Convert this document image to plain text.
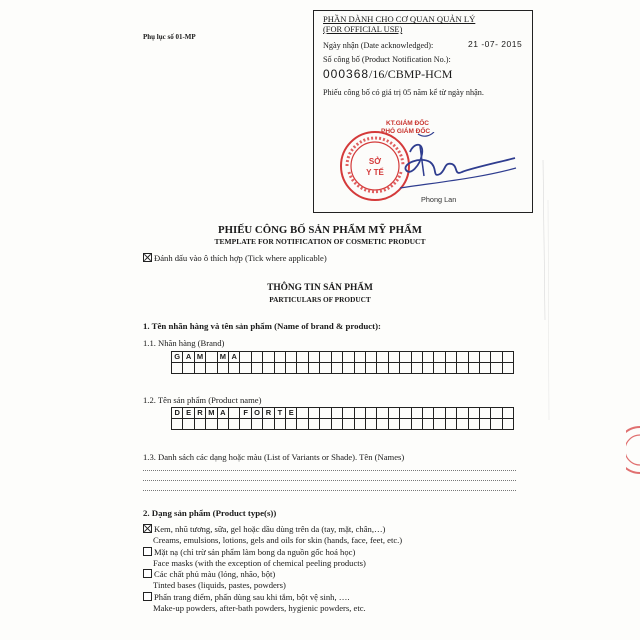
Phụ lục số 01-MP
PHẦN DÀNH CHO CƠ QUAN QUẢN LÝ
(FOR OFFICIAL USE)
Ngày nhận (Date acknowledged):	21 -07- 2015
Số công bố (Product Notification No.):
000368/16/CBMP-HCM
Phiếu công bố có giá trị 05 năm kể từ ngày nhận.
KT.GIÁM ĐỐC
PHÓ GIÁM ĐỐC
SỞ
Y TẾ
Phong Lan
PHIẾU CÔNG BỐ SẢN PHẨM MỸ PHẨM
TEMPLATE FOR NOTIFICATION OF COSMETIC PRODUCT
Đánh dấu vào ô thích hợp (Tick where applicable)
THÔNG TIN SẢN PHẨM
PARTICULARS OF PRODUCT
1. Tên nhãn hàng và tên sản phẩm (Name of brand & product):
1.1. Nhãn hàng (Brand)
G A M	M A
1.2. Tên sản phẩm (Product name)
D E R M A	F O R T E
1.3. Danh sách các dạng hoặc màu (List of Variants or Shade). Tên (Names)
2. Dạng sản phẩm (Product type(s))
Kem, nhũ tương, sữa, gel hoặc dầu dùng trên da (tay, mặt, chân,…)
Creams, emulsions, lotions, gels and oils for skin (hands, face, feet, etc.)
Mặt nạ (chỉ trừ sản phẩm làm bong da nguồn gốc hoá học)
Face masks (with the exception of chemical peeling products)
Các chất phủ màu (lỏng, nhão, bột)
Tinted bases (liquids, pastes, powders)
Phấn trang điểm, phấn dùng sau khi tắm, bột vệ sinh, ….
Make-up powders, after-bath powders, hygienic powders, etc.
